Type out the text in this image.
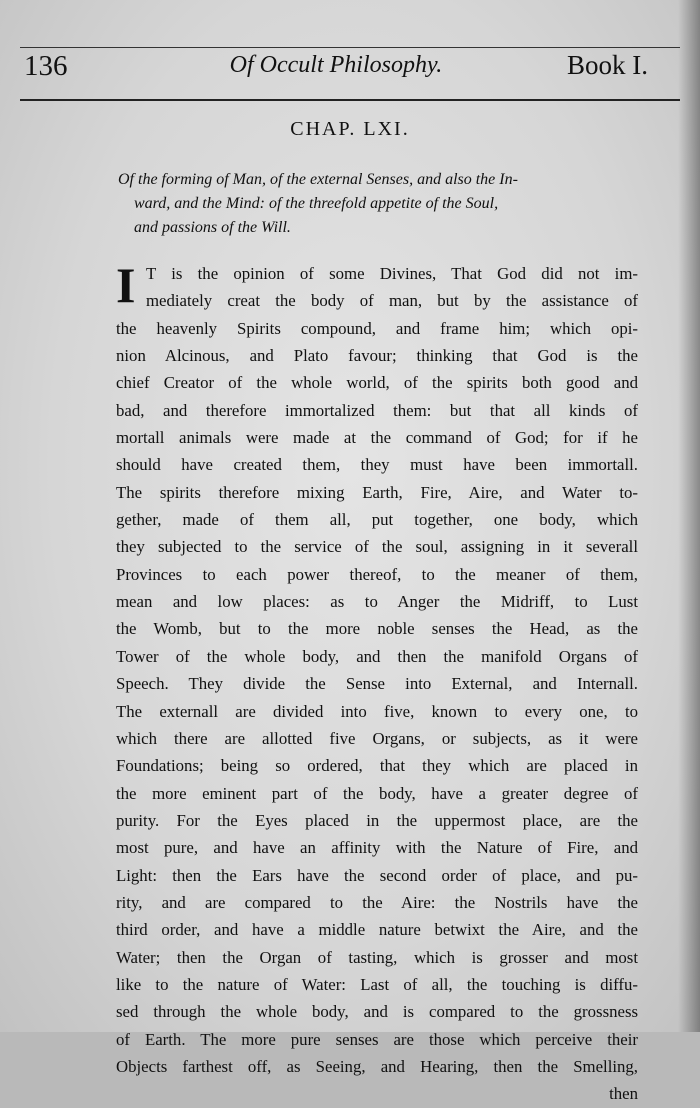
136	Of Occult Philosophy.	Book I.
CHAP. LXI.
Of the forming of Man, of the external Senses, and also the In-
ward, and the Mind: of the threefold appetite of the Soul,
and passions of the Will.
I T is the opinion of some Divines, That God did not im-
mediately creat the body of man, but by the assistance of
the heavenly Spirits compound, and frame him; which opi-
nion Alcinous, and Plato favour; thinking that God is the
chief Creator of the whole world, of the spirits both good and
bad, and therefore immortalized them: but that all kinds of
mortall animals were made at the command of God; for if he
should have created them, they must have been immortall.
The spirits therefore mixing Earth, Fire, Aire, and Water to-
gether, made of them all, put together, one body, which
they subjected to the service of the soul, assigning in it severall
Provinces to each power thereof, to the meaner of them,
mean and low places: as to Anger the Midriff, to Lust
the Womb, but to the more noble senses the Head, as the
Tower of the whole body, and then the manifold Organs of
Speech. They divide the Sense into External, and Internall.
The externall are divided into five, known to every one, to
which there are allotted five Organs, or subjects, as it were
Foundations; being so ordered, that they which are placed in
the more eminent part of the body, have a greater degree of
purity. For the Eyes placed in the uppermost place, are the
most pure, and have an affinity with the Nature of Fire, and
Light: then the Ears have the second order of place, and pu-
rity, and are compared to the Aire: the Nostrils have the
third order, and have a middle nature betwixt the Aire, and the
Water; then the Organ of tasting, which is grosser and most
like to the nature of Water: Last of all, the touching is diffu-
sed through the whole body, and is compared to the grossness
of Earth. The more pure senses are those which perceive their
Objects farthest off, as Seeing, and Hearing, then the Smelling,
then
